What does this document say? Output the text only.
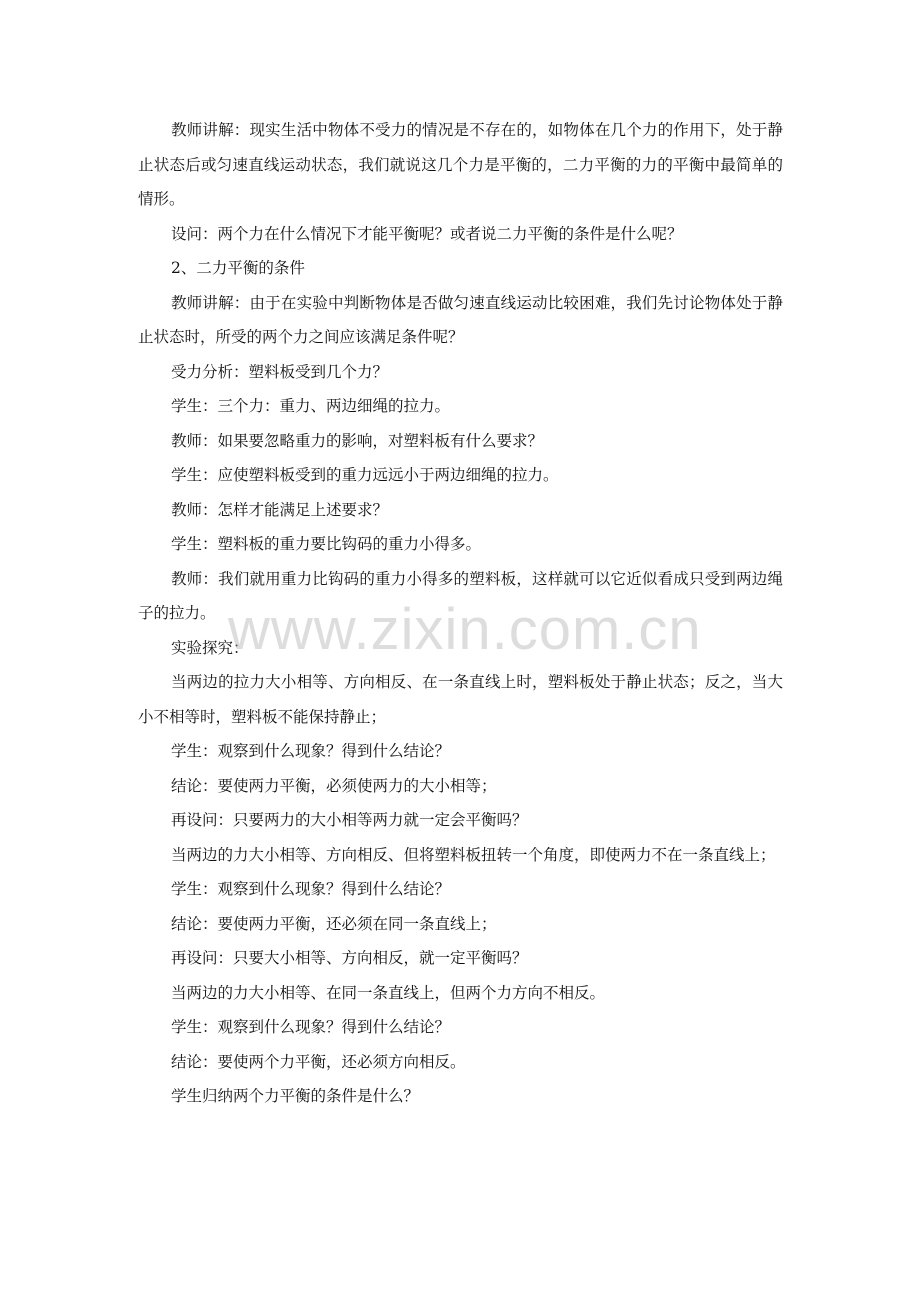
教师讲解：现实生活中物体不受力的情况是不存在的，如物体在几个力的作用下，处于静止状态后或匀速直线运动状态，我们就说这几个力是平衡的，二力平衡的力的平衡中最简单的情形。

设问：两个力在什么情况下才能平衡呢？或者说二力平衡的条件是什么呢？

2、二力平衡的条件

教师讲解：由于在实验中判断物体是否做匀速直线运动比较困难，我们先讨论物体处于静止状态时，所受的两个力之间应该满足条件呢？

受力分析：塑料板受到几个力？

学生：三个力：重力、两边细绳的拉力。

教师：如果要忽略重力的影响，对塑料板有什么要求？

学生：应使塑料板受到的重力远远小于两边细绳的拉力。

教师：怎样才能满足上述要求？

学生：塑料板的重力要比钩码的重力小得多。

教师：我们就用重力比钩码的重力小得多的塑料板，这样就可以它近似看成只受到两边绳子的拉力。

实验探究：

当两边的拉力大小相等、方向相反、在一条直线上时，塑料板处于静止状态；反之，当大小不相等时，塑料板不能保持静止；

学生：观察到什么现象？得到什么结论？

结论：要使两力平衡，必须使两力的大小相等；

再设问：只要两力的大小相等两力就一定会平衡吗？

当两边的力大小相等、方向相反、但将塑料板扭转一个角度，即使两力不在一条直线上；

学生：观察到什么现象？得到什么结论？

结论：要使两力平衡，还必须在同一条直线上；

再设问：只要大小相等、方向相反，就一定平衡吗？

当两边的力大小相等、在同一条直线上，但两个力方向不相反。

学生：观察到什么现象？得到什么结论？

结论：要使两个力平衡，还必须方向相反。

学生归纳两个力平衡的条件是什么？

www.zixin.com.cn
